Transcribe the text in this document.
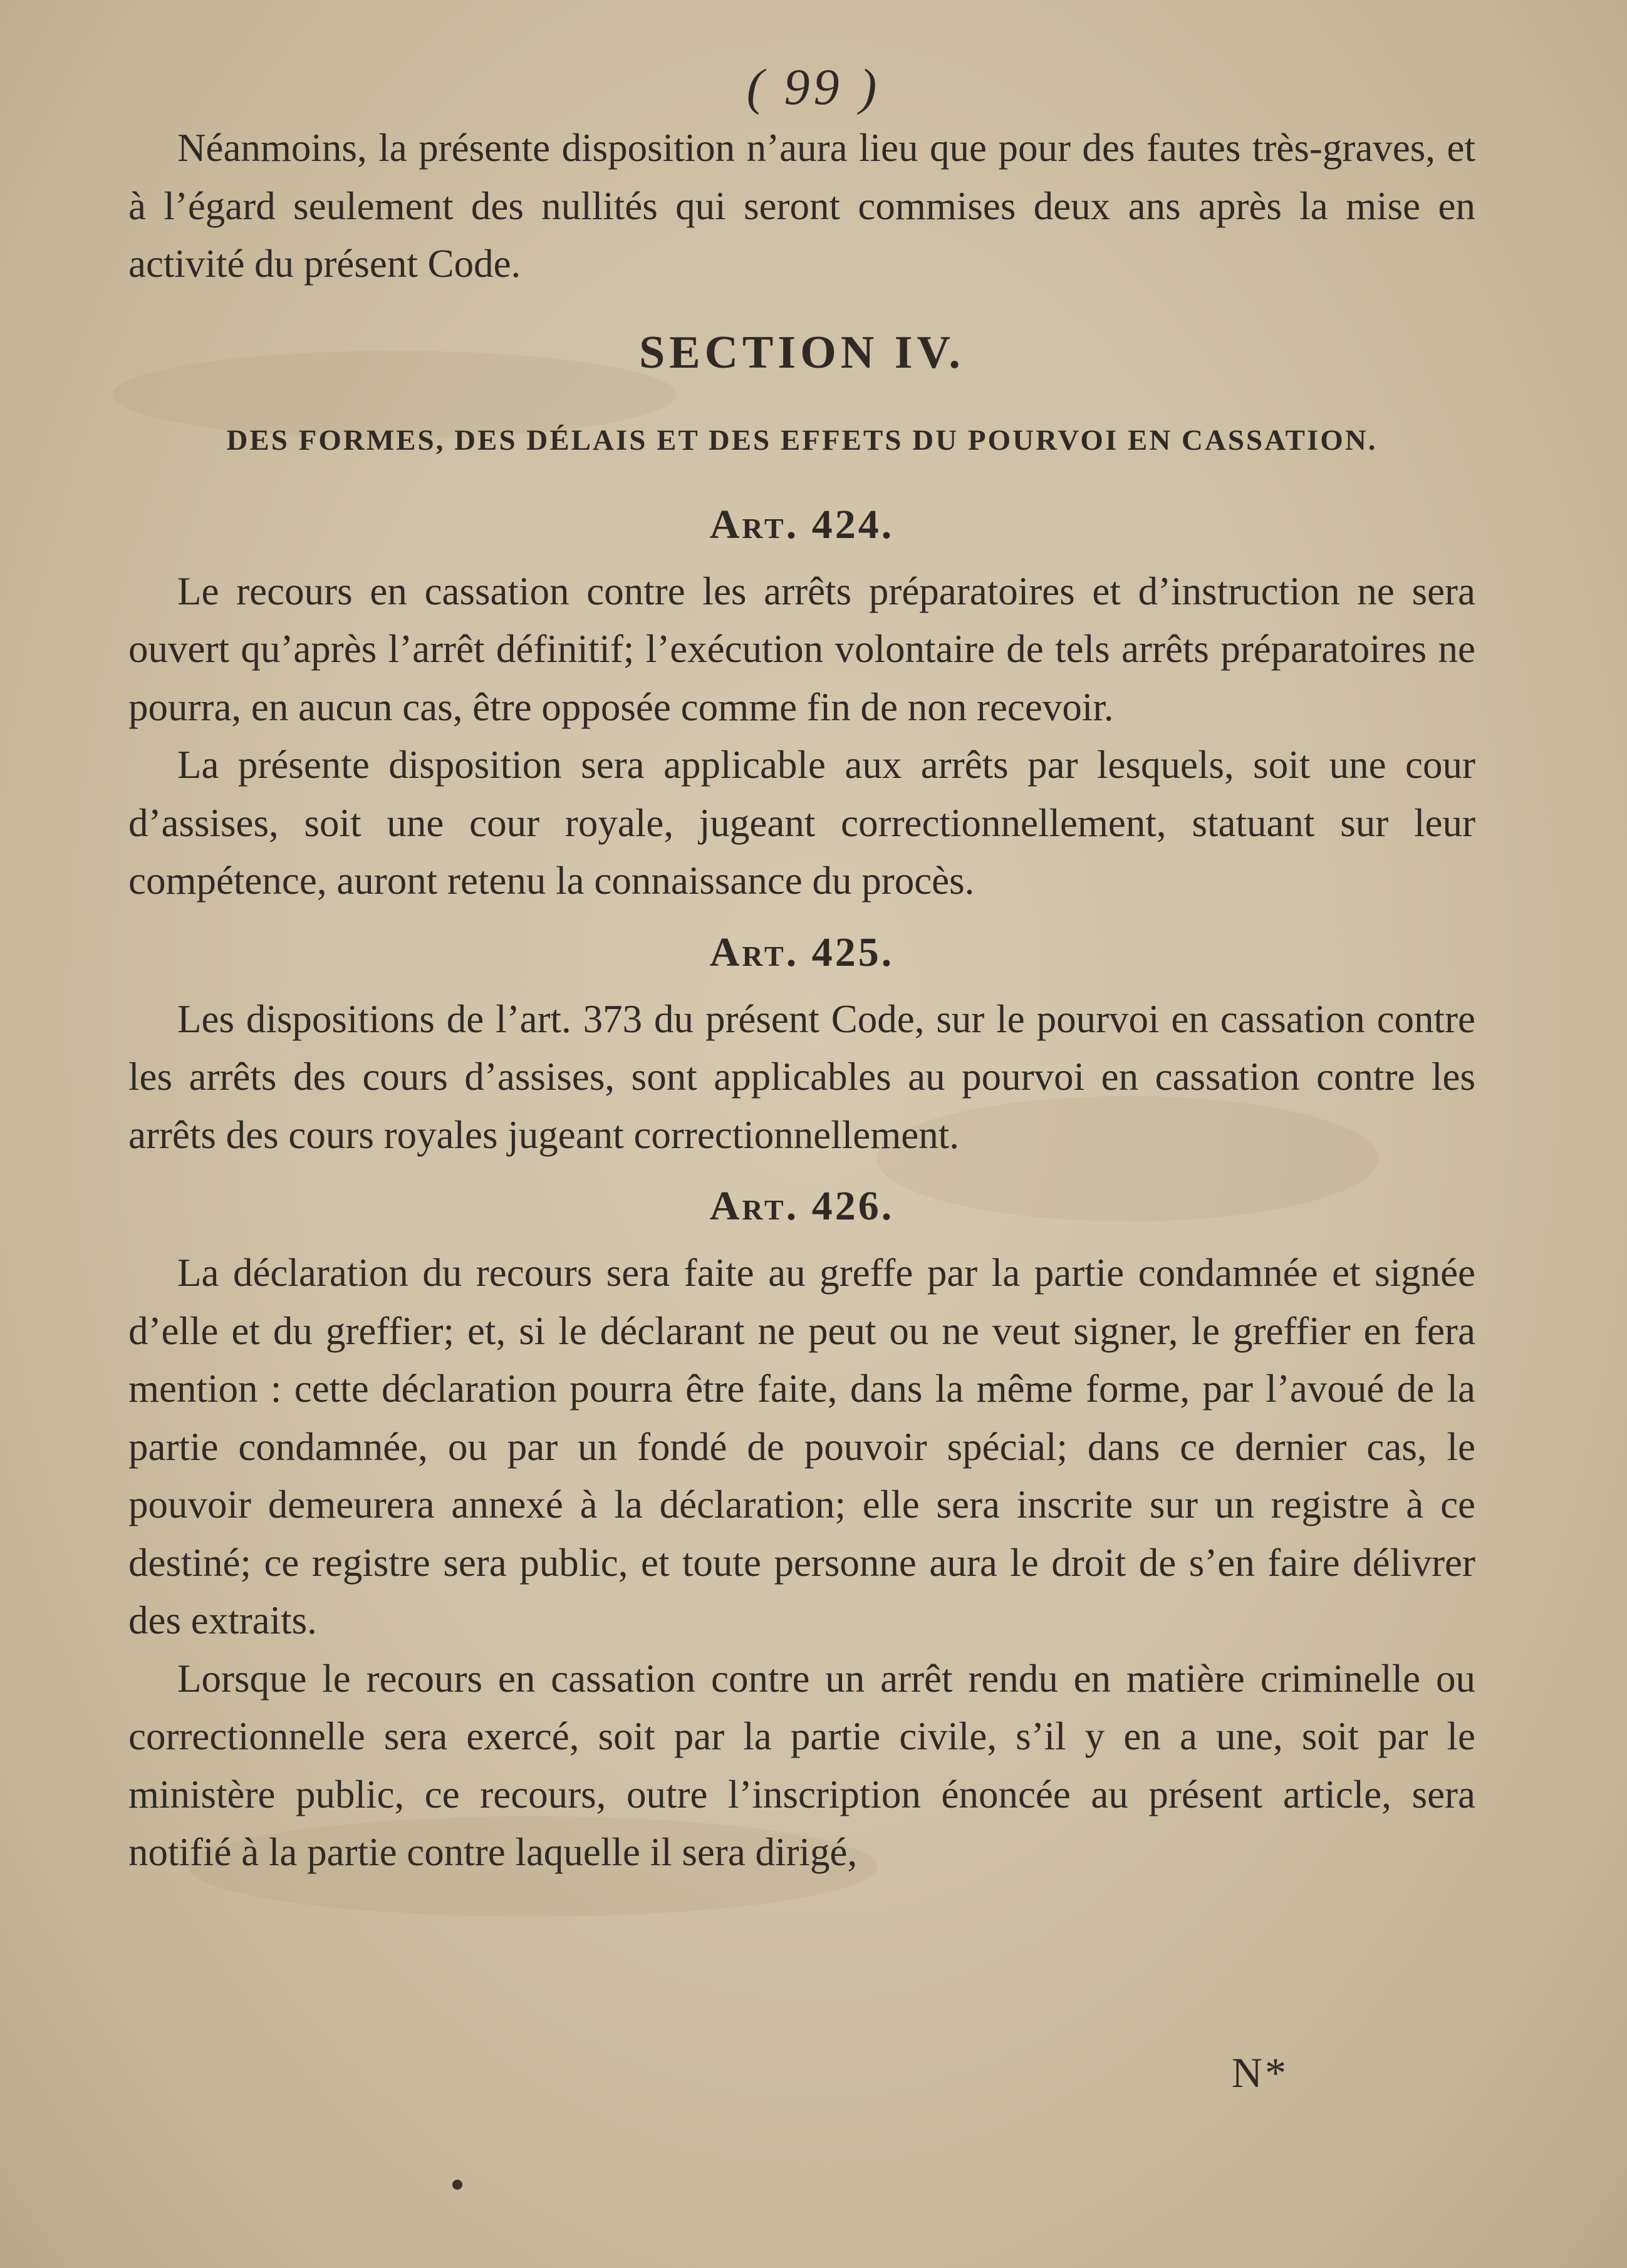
( 99 )

Néanmoins, la présente disposition n’aura lieu que pour des fautes très-graves, et à l’égard seulement des nullités qui seront commises deux ans après la mise en activité du présent Code.

SECTION IV.
DES FORMES, DES DÉLAIS ET DES EFFETS DU POURVOI EN CASSATION.
Art. 424.

Le recours en cassation contre les arrêts préparatoires et d’instruction ne sera ouvert qu’après l’arrêt définitif; l’exécution volontaire de tels arrêts préparatoires ne pourra, en aucun cas, être opposée comme fin de non recevoir.

La présente disposition sera applicable aux arrêts par lesquels, soit une cour d’assises, soit une cour royale, jugeant correctionnellement, statuant sur leur compétence, auront retenu la connaissance du procès.

Art. 425.

Les dispositions de l’art. 373 du présent Code, sur le pourvoi en cassation contre les arrêts des cours d’assises, sont applicables au pourvoi en cassation contre les arrêts des cours royales jugeant correctionnellement.

Art. 426.

La déclaration du recours sera faite au greffe par la partie condamnée et signée d’elle et du greffier; et, si le déclarant ne peut ou ne veut signer, le greffier en fera mention : cette déclaration pourra être faite, dans la même forme, par l’avoué de la partie condamnée, ou par un fondé de pouvoir spécial; dans ce dernier cas, le pouvoir demeurera annexé à la déclaration; elle sera inscrite sur un registre à ce destiné; ce registre sera public, et toute personne aura le droit de s’en faire délivrer des extraits.

Lorsque le recours en cassation contre un arrêt rendu en matière criminelle ou correctionnelle sera exercé, soit par la partie civile, s’il y en a une, soit par le ministère public, ce recours, outre l’inscription énoncée au présent article, sera notifié à la partie contre laquelle il sera dirigé,

N*
